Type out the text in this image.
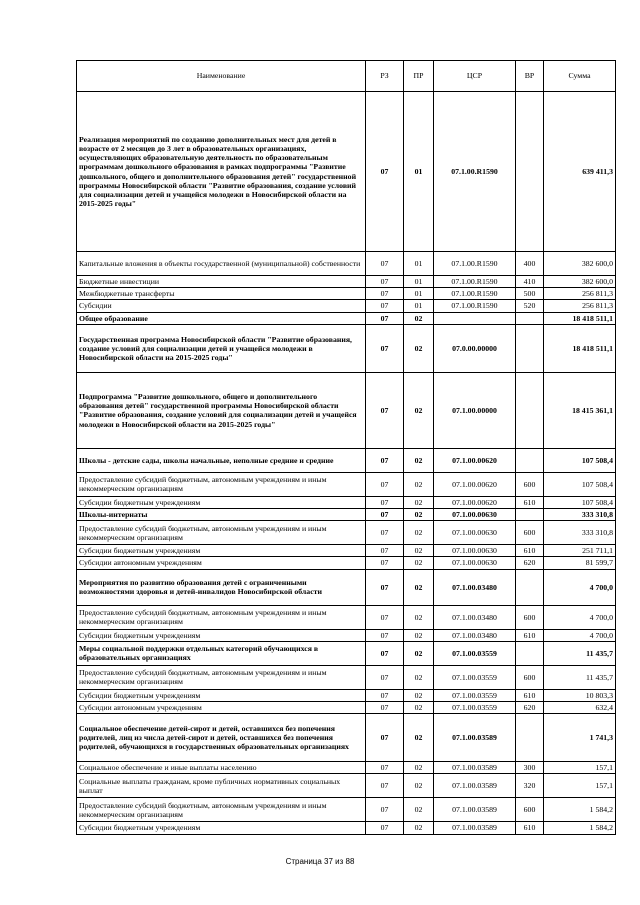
Наименование	РЗ	ПР	ЦСР	ВР	Сумма
Реализация мероприятий по созданию дополнительных мест для детей в возрасте от 2 месяцев до 3 лет в образовательных организациях, осуществляющих образовательную деятельность по образовательным программам дошкольного образования в рамках подпрограммы "Развитие дошкольного, общего и дополнительного образования детей" государственной программы Новосибирской области "Развитие образования, создание условий для социализации детей и учащейся молодежи в Новосибирской области на 2015-2025 годы"	07	01	07.1.00.R1590		639 411,3
Капитальные вложения в объекты государственной (муниципальной) собственности	07	01	07.1.00.R1590	400	382 600,0
Бюджетные инвестиции	07	01	07.1.00.R1590	410	382 600,0
Межбюджетные трансферты	07	01	07.1.00.R1590	500	256 811,3
Субсидии	07	01	07.1.00.R1590	520	256 811,3
Общее образование	07	02			18 418 511,1
Государственная программа Новосибирской области "Развитие образования, создание условий для социализации детей и учащейся молодежи в Новосибирской области на 2015-2025 годы"	07	02	07.0.00.00000		18 418 511,1
Подпрограмма "Развитие дошкольного, общего и дополнительного образования детей" государственной программы Новосибирской области "Развитие образования, создание условий для социализации детей и учащейся молодежи в Новосибирской области на 2015-2025 годы"	07	02	07.1.00.00000		18 415 361,1
Школы - детские сады, школы начальные, неполные средние и средние	07	02	07.1.00.00620		107 508,4
Предоставление субсидий бюджетным, автономным учреждениям и иным некоммерческим организациям	07	02	07.1.00.00620	600	107 508,4
Субсидии бюджетным учреждениям	07	02	07.1.00.00620	610	107 508,4
Школы-интернаты	07	02	07.1.00.00630		333 310,8
Предоставление субсидий бюджетным, автономным учреждениям и иным некоммерческим организациям	07	02	07.1.00.00630	600	333 310,8
Субсидии бюджетным учреждениям	07	02	07.1.00.00630	610	251 711,1
Субсидии автономным учреждениям	07	02	07.1.00.00630	620	81 599,7
Мероприятия по развитию образования детей с ограниченными возможностями здоровья и детей-инвалидов Новосибирской области	07	02	07.1.00.03480		4 700,0
Предоставление субсидий бюджетным, автономным учреждениям и иным некоммерческим организациям	07	02	07.1.00.03480	600	4 700,0
Субсидии бюджетным учреждениям	07	02	07.1.00.03480	610	4 700,0
Меры социальной поддержки отдельных категорий обучающихся в образовательных организациях	07	02	07.1.00.03559		11 435,7
Предоставление субсидий бюджетным, автономным учреждениям и иным некоммерческим организациям	07	02	07.1.00.03559	600	11 435,7
Субсидии бюджетным учреждениям	07	02	07.1.00.03559	610	10 803,3
Субсидии автономным учреждениям	07	02	07.1.00.03559	620	632,4
Социальное обеспечение детей-сирот и детей, оставшихся без попечения родителей, лиц из числа детей-сирот и детей, оставшихся без попечения родителей, обучающихся в государственных образовательных организациях	07	02	07.1.00.03589		1 741,3
Социальное обеспечение и иные выплаты населению	07	02	07.1.00.03589	300	157,1
Социальные выплаты гражданам, кроме публичных нормативных социальных выплат	07	02	07.1.00.03589	320	157,1
Предоставление субсидий бюджетным, автономным учреждениям и иным некоммерческим организациям	07	02	07.1.00.03589	600	1 584,2
Субсидии бюджетным учреждениям	07	02	07.1.00.03589	610	1 584,2
Страница 37 из 88
